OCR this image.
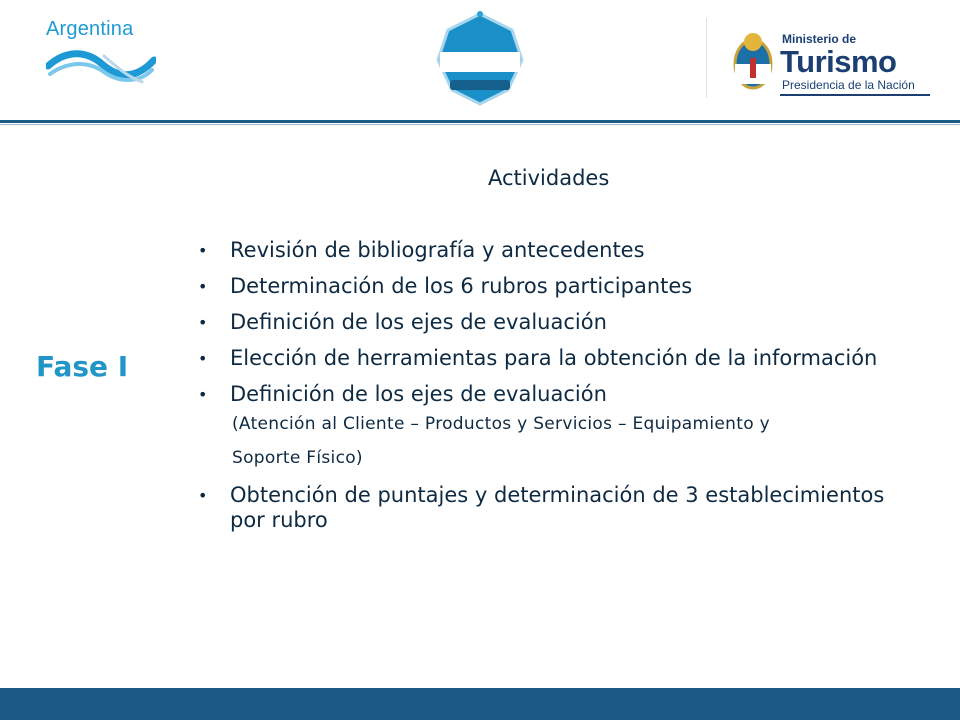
Argentina	Ministerio de
Turismo
Presidencia de la Nación
Fase I
Actividades
• Revisión de bibliografía y antecedentes
• Determinación de los 6 rubros participantes
• Definición de los ejes de evaluación
• Elección de herramientas para la obtención de la información
• Definición de los ejes de evaluación
(Atención al Cliente – Productos y Servicios – Equipamiento y
Soporte Físico)
• Obtención de puntajes y determinación de 3 establecimientos por rubro
